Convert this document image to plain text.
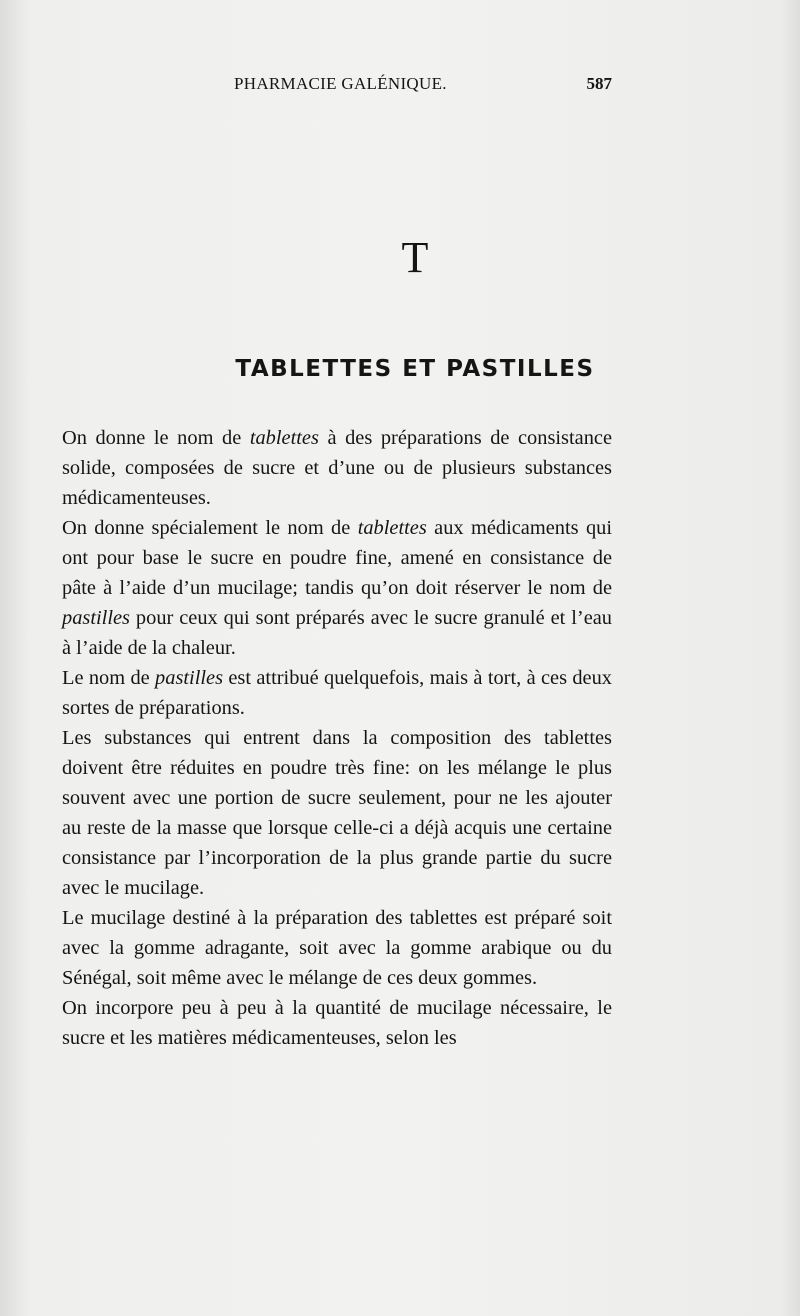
PHARMACIE GALÉNIQUE.	587
T
TABLETTES ET PASTILLES

On donne le nom de tablettes à des préparations de consistance solide, composées de sucre et d’une ou de plusieurs substances médicamenteuses.

On donne spécialement le nom de tablettes aux médicaments qui ont pour base le sucre en poudre fine, amené en consistance de pâte à l’aide d’un mucilage; tandis qu’on doit réserver le nom de pastilles pour ceux qui sont préparés avec le sucre granulé et l’eau à l’aide de la chaleur.

Le nom de pastilles est attribué quelquefois, mais à tort, à ces deux sortes de préparations.

Les substances qui entrent dans la composition des tablettes doivent être réduites en poudre très fine: on les mélange le plus souvent avec une portion de sucre seulement, pour ne les ajouter au reste de la masse que lorsque celle-ci a déjà acquis une certaine consistance par l’incorporation de la plus grande partie du sucre avec le mucilage.

Le mucilage destiné à la préparation des tablettes est préparé soit avec la gomme adragante, soit avec la gomme arabique ou du Sénégal, soit même avec le mélange de ces deux gommes.

On incorpore peu à peu à la quantité de mucilage nécessaire, le sucre et les matières médicamenteuses, selon les
